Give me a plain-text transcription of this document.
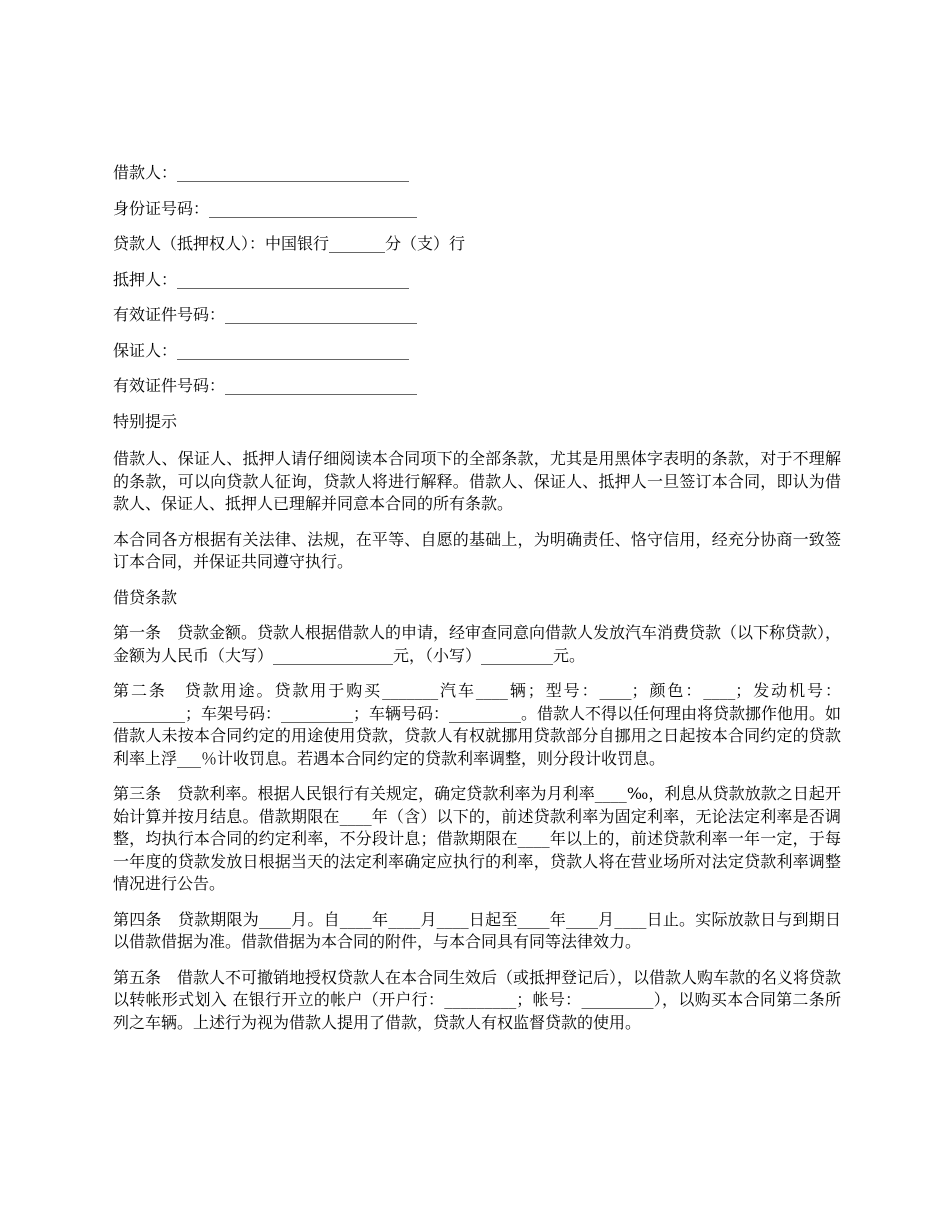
借款人：_____________________________

身份证号码：__________________________

贷款人（抵押权人）：中国银行_______分（支）行

抵押人：_____________________________

有效证件号码：________________________

保证人：_____________________________

有效证件号码：________________________

特别提示

借款人、保证人、抵押人请仔细阅读本合同项下的全部条款，尤其是用黑体字表明的条款，对于不理解的条款，可以向贷款人征询，贷款人将进行解释。借款人、保证人、抵押人一旦签订本合同，即认为借款人、保证人、抵押人已理解并同意本合同的所有条款。

本合同各方根据有关法律、法规，在平等、自愿的基础上，为明确责任、恪守信用，经充分协商一致签订本合同，并保证共同遵守执行。

借贷条款

第一条　贷款金额。贷款人根据借款人的申请，经审查同意向借款人发放汽车消费贷款（以下称贷款），金额为人民币（大写）_______________元，（小写）_________元。

第二条　贷款用途。贷款用于购买_______汽车____辆；型号：____；颜色：____；发动机号：_________；车架号码：_________；车辆号码：_________。借款人不得以任何理由将贷款挪作他用。如借款人未按本合同约定的用途使用贷款，贷款人有权就挪用贷款部分自挪用之日起按本合同约定的贷款利率上浮___％计收罚息。若遇本合同约定的贷款利率调整，则分段计收罚息。

第三条　贷款利率。根据人民银行有关规定，确定贷款利率为月利率____‰，利息从贷款放款之日起开始计算并按月结息。借款期限在____年（含）以下的，前述贷款利率为固定利率，无论法定利率是否调整，均执行本合同的约定利率，不分段计息；借款期限在____年以上的，前述贷款利率一年一定，于每一年度的贷款发放日根据当天的法定利率确定应执行的利率，贷款人将在营业场所对法定贷款利率调整情况进行公告。

第四条　贷款期限为____月。自____年____月____日起至____年____月____日止。实际放款日与到期日以借款借据为准。借款借据为本合同的附件，与本合同具有同等法律效力。

第五条　借款人不可撤销地授权贷款人在本合同生效后（或抵押登记后），以借款人购车款的名义将贷款以转帐形式划入 在银行开立的帐户（开户行：_________；帐号：_________），以购买本合同第二条所列之车辆。上述行为视为借款人提用了借款，贷款人有权监督贷款的使用。
